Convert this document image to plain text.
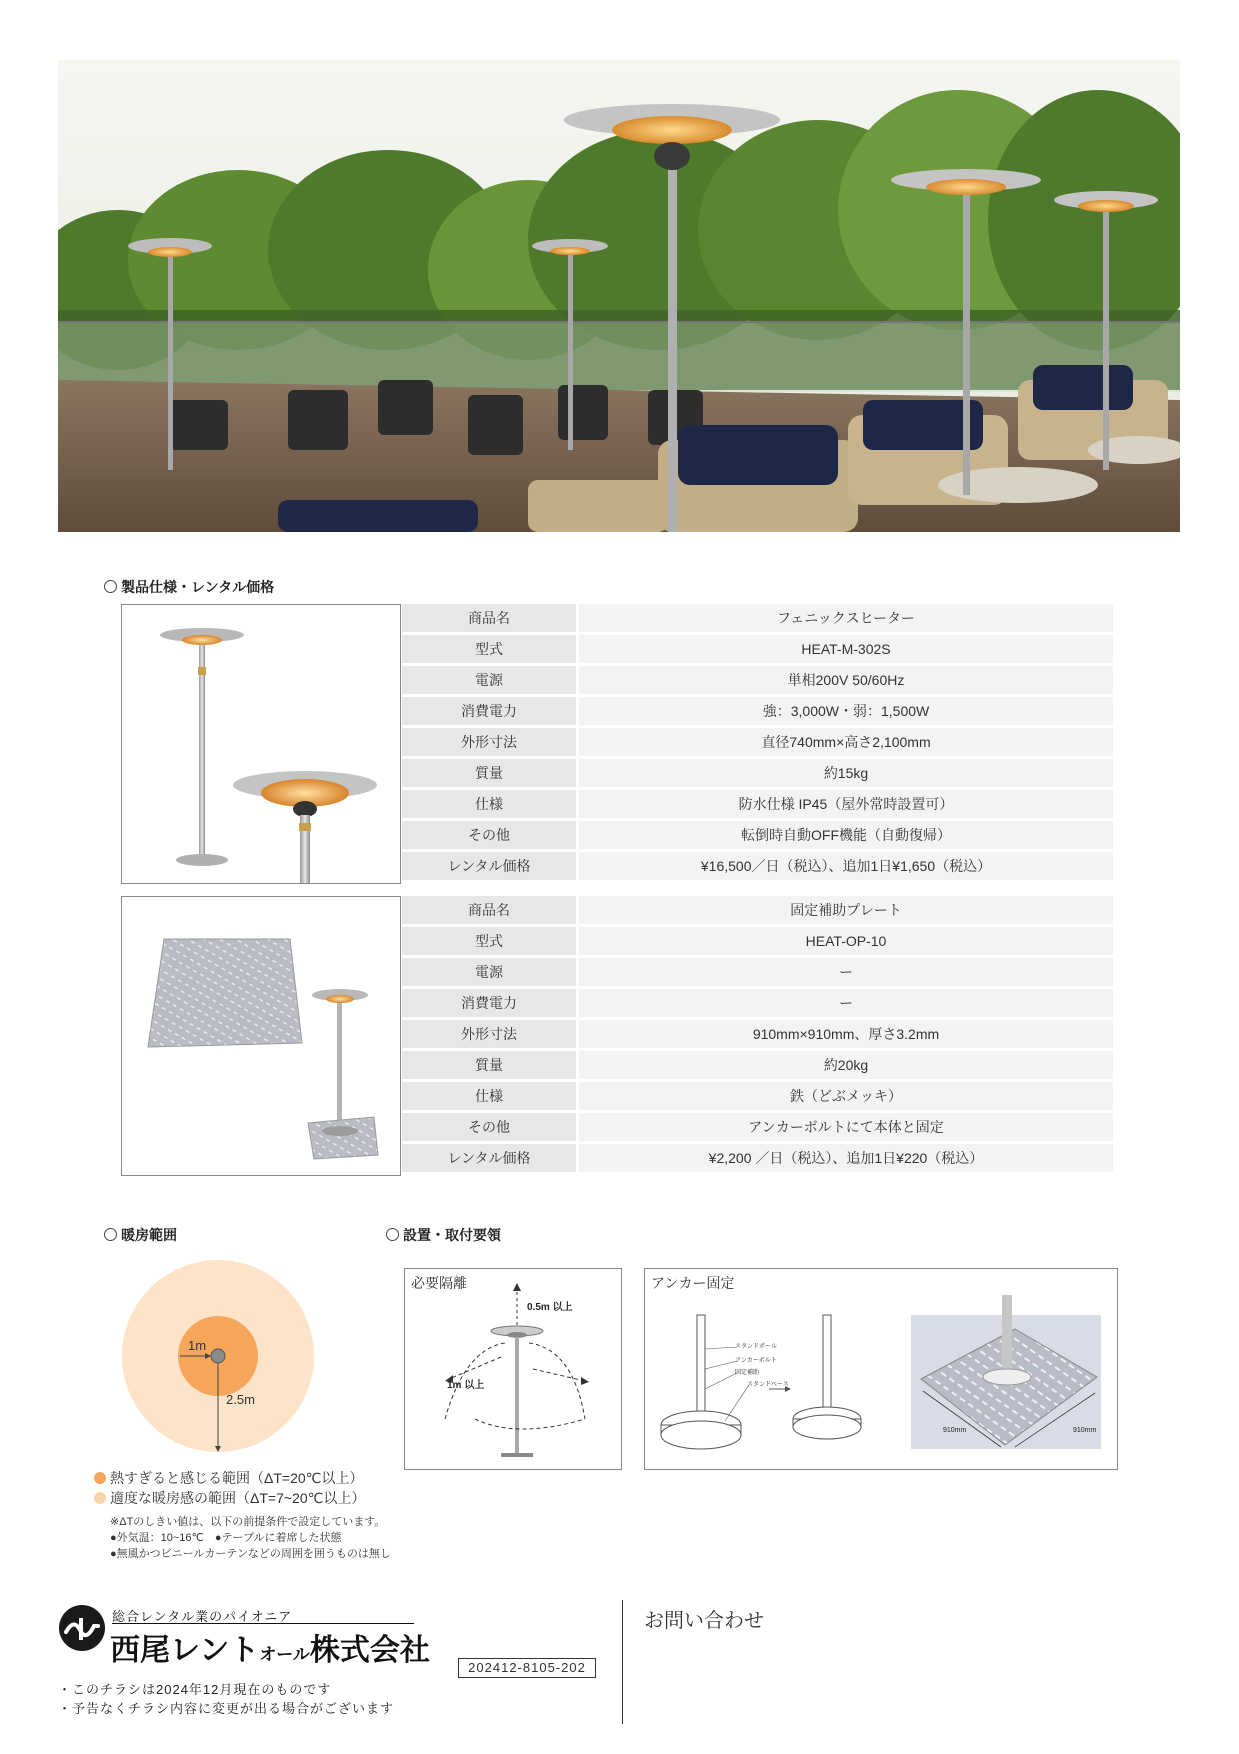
製品仕様・レンタル価格
商品名	フェニックスヒーター
型式	HEAT-M-302S
電源	単相200V 50/60Hz
消費電力	強：3,000W・弱：1,500W
外形寸法	直径740mm×高さ2,100mm
質量	約15kg
仕様	防水仕様 IP45（屋外常時設置可）
その他	転倒時自動OFF機能（自動復帰）
レンタル価格	¥16,500／日（税込）、追加1日¥1,650（税込）
商品名	固定補助プレート
型式	HEAT-OP-10
電源	ー
消費電力	ー
外形寸法	910mm×910mm、厚さ3.2mm
質量	約20kg
仕様	鉄（どぶメッキ）
その他	アンカーボルトにて本体と固定
レンタル価格	¥2,200 ／日（税込）、追加1日¥220（税込）
暖房範囲
1m
2.5m
熱すぎると感じる範囲（ΔT=20℃以上）
適度な暖房感の範囲（ΔT=7~20℃以上）
※ΔTのしきい値は、以下の前提条件で設定しています。
●外気温：10~16℃　●テーブルに着席した状態
●無風かつビニールカーテンなどの周囲を囲うものは無し
設置・取付要領
必要隔離
0.5m 以上
1m 以上
アンカー固定
スタンドポール
アンカーボルト
固定補助
スタンドベース
910mm	910mm
総合レンタル業のパイオニア
西尾レントオール株式会社
202412-8105-202
・このチラシは2024年12月現在のものです
・予告なくチラシ内容に変更が出る場合がございます
お問い合わせ
